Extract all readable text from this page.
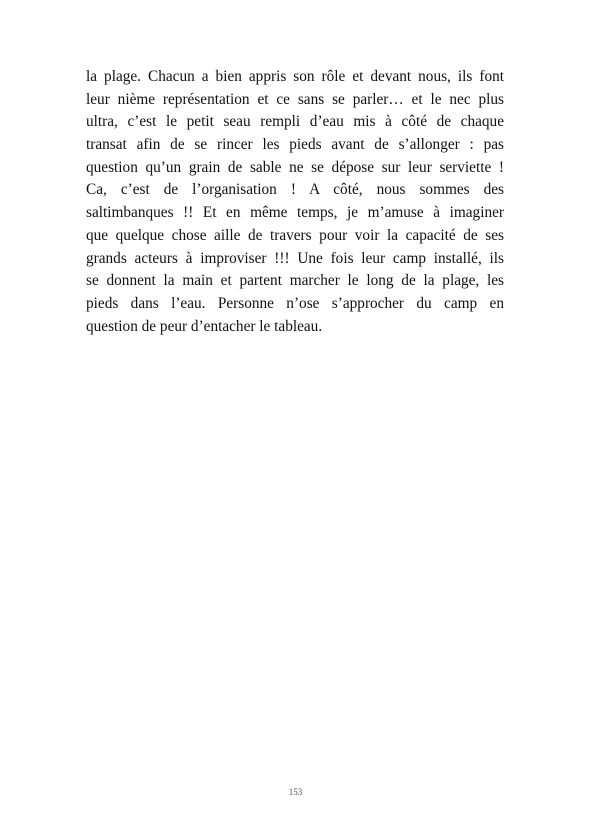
la plage. Chacun a bien appris son rôle et devant nous, ils font
leur nième représentation et ce sans se parler… et le nec plus
ultra, c’est le petit seau rempli d’eau mis à côté de chaque
transat afin de se rincer les pieds avant de s’allonger : pas
question qu’un grain de sable ne se dépose sur leur serviette !
Ca, c’est de l’organisation ! A côté, nous sommes des
saltimbanques !! Et en même temps, je m’amuse à imaginer
que quelque chose aille de travers pour voir la capacité de ses
grands acteurs à improviser !!! Une fois leur camp installé, ils
se donnent la main et partent marcher le long de la plage, les
pieds dans l’eau. Personne n’ose s’approcher du camp en
question de peur d’entacher le tableau.
153
